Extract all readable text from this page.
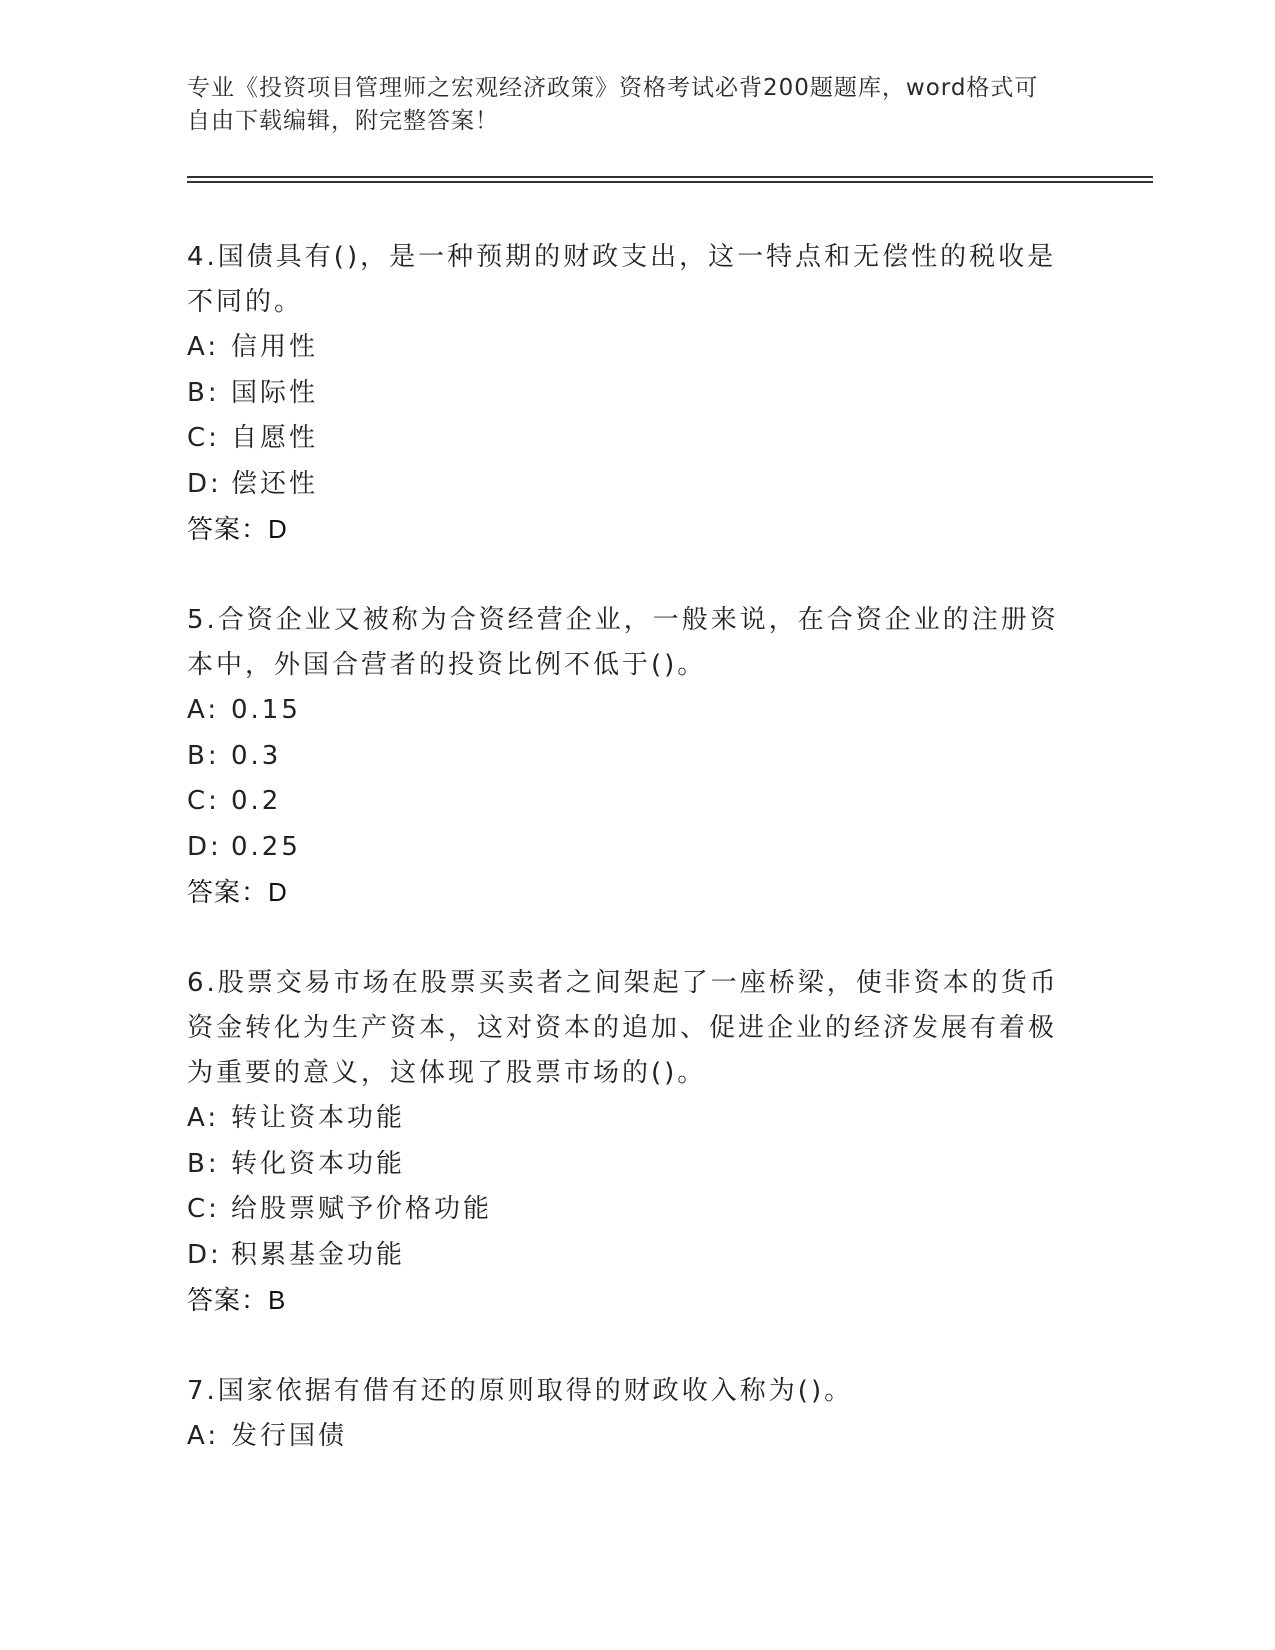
专业《投资项目管理师之宏观经济政策》资格考试必背200题题库，word格式可
自由下载编辑，附完整答案！

4.国债具有()，是一种预期的财政支出，这一特点和无偿性的税收是不同的。

A: 信用性
B: 国际性
C: 自愿性
D: 偿还性

答案：D

5.合资企业又被称为合资经营企业，一般来说，在合资企业的注册资本中，外国合营者的投资比例不低于()。

A: 0.15
B: 0.3
C: 0.2
D: 0.25

答案：D

6.股票交易市场在股票买卖者之间架起了一座桥梁，使非资本的货币资金转化为生产资本，这对资本的追加、促进企业的经济发展有着极为重要的意义，这体现了股票市场的()。

A: 转让资本功能
B: 转化资本功能
C: 给股票赋予价格功能
D: 积累基金功能

答案：B

7.国家依据有借有还的原则取得的财政收入称为()。

A: 发行国债
